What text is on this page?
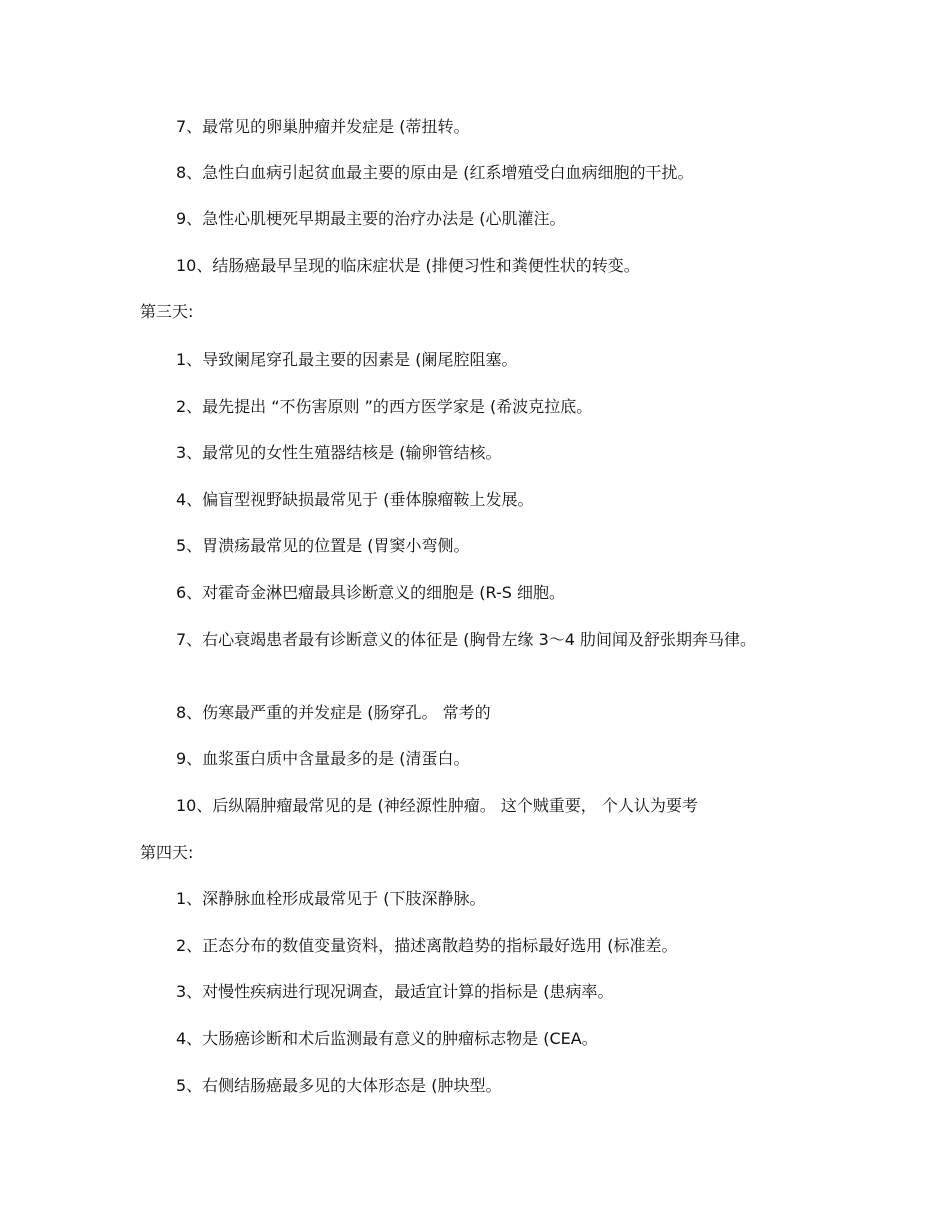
7、最常见的卵巢肿瘤并发症是 (蒂扭转。
8、急性白血病引起贫血最主要的原由是 (红系增殖受白血病细胞的干扰。
9、急性心肌梗死早期最主要的治疗办法是 (心肌灌注。
10、结肠癌最早呈现的临床症状是 (排便习性和粪便性状的转变。
第三天:
1、导致阑尾穿孔最主要的因素是 (阑尾腔阻塞。
2、最先提出 “不伤害原则 ”的西方医学家是 (希波克拉底。
3、最常见的女性生殖器结核是 (输卵管结核。
4、偏盲型视野缺损最常见于 (垂体腺瘤鞍上发展。
5、胃溃疡最常见的位置是 (胃窦小弯侧。
6、对霍奇金淋巴瘤最具诊断意义的细胞是 (R-S 细胞。
7、右心衰竭患者最有诊断意义的体征是 (胸骨左缘 3～4 肋间闻及舒张期奔马律。
8、伤寒最严重的并发症是 (肠穿孔。 常考的
9、血浆蛋白质中含量最多的是 (清蛋白。
10、后纵隔肿瘤最常见的是 (神经源性肿瘤。 这个贼重要， 个人认为要考
第四天:
1、深静脉血栓形成最常见于 (下肢深静脉。
2、正态分布的数值变量资料，描述离散趋势的指标最好选用 (标准差。
3、对慢性疾病进行现况调查，最适宜计算的指标是 (患病率。
4、大肠癌诊断和术后监测最有意义的肿瘤标志物是 (CEA。
5、右侧结肠癌最多见的大体形态是 (肿块型。
